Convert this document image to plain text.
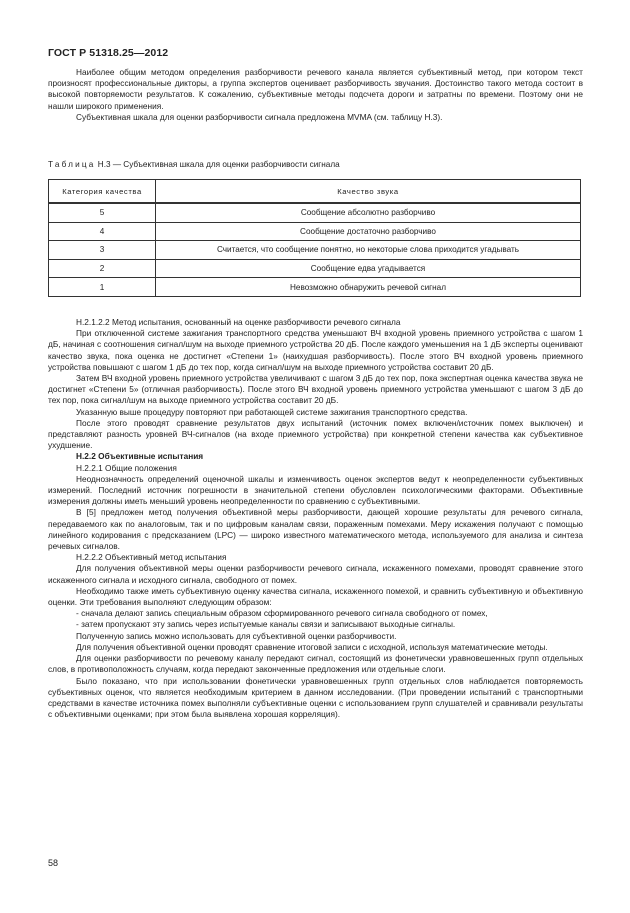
ГОСТ Р 51318.25—2012

Наиболее общим методом определения разборчивости речевого канала является субъективный метод, при котором текст произносят профессиональные дикторы, а группа экспертов оценивает разборчивость звучания. Достоинство такого метода состоит в высокой повторяемости результатов. К сожалению, субъективные методы подсчета дороги и затратны по времени. Поэтому они не нашли широкого применения.

Субъективная шкала для оценки разборчивости сигнала предложена MVMA (см. таблицу Н.3).

Таблица Н.3 — Субъективная шкала для оценки разборчивости сигнала
Категория качества	Качество звука
5	Сообщение абсолютно разборчиво
4	Сообщение достаточно разборчиво
3	Считается, что сообщение понятно, но некоторые слова приходится угадывать
2	Сообщение едва угадывается
1	Невозможно обнаружить речевой сигнал

Н.2.1.2.2 Метод испытания, основанный на оценке разборчивости речевого сигнала

При отключенной системе зажигания транспортного средства уменьшают ВЧ входной уровень приемного устройства с шагом 1 дБ, начиная с соотношения сигнал/шум на выходе приемного устройства 20 дБ. После каждого уменьшения на 1 дБ эксперты оценивают качество звука, пока оценка не достигнет «Степени 1» (наихудшая разборчивость). После этого ВЧ входной уровень приемного устройства повышают с шагом 1 дБ до тех пор, когда сигнал/шум на выходе приемного устройства составит 20 дБ.

Затем ВЧ входной уровень приемного устройства увеличивают с шагом 3 дБ до тех пор, пока экспертная оценка качества звука не достигнет «Степени 5» (отличная разборчивость). После этого ВЧ входной уровень приемного устройства уменьшают с шагом 3 дБ до тех пор, пока сигнал/шум на выходе приемного устройства составит 20 дБ.

Указанную выше процедуру повторяют при работающей системе зажигания транспортного средства.

После этого проводят сравнение результатов двух испытаний (источник помех включен/источник помех выключен) и представляют разность уровней ВЧ-сигналов (на входе приемного устройства) при конкретной степени качества как субъективное ухудшение.

Н.2.2 Объективные испытания

Н.2.2.1 Общие положения

Неоднозначность определений оценочной шкалы и изменчивость оценок экспертов ведут к неопределенности субъективных измерений. Последний источник погрешности в значительной степени обусловлен психологическими факторами. Объективные измерения должны иметь меньший уровень неопределенности по сравнению с субъективными.

В [5] предложен метод получения объективной меры разборчивости, дающей хорошие результаты для речевого сигнала, передаваемого как по аналоговым, так и по цифровым каналам связи, пораженным помехами. Меру искажения получают с помощью линейного кодирования с предсказанием (LPC) — широко известного математического метода, используемого для анализа и синтеза речевых сигналов.

Н.2.2.2 Объективный метод испытания

Для получения объективной меры оценки разборчивости речевого сигнала, искаженного помехами, проводят сравнение этого искаженного сигнала и исходного сигнала, свободного от помех.

Необходимо также иметь субъективную оценку качества сигнала, искаженного помехой, и сравнить субъективную и объективную оценки. Эти требования выполняют следующим образом:

- сначала делают запись специальным образом сформированного речевого сигнала свободного от помех,

- затем пропускают эту запись через испытуемые каналы связи и записывают выходные сигналы.

Полученную запись можно использовать для субъективной оценки разборчивости.

Для получения объективной оценки проводят сравнение итоговой записи с исходной, используя математические методы.

Для оценки разборчивости по речевому каналу передают сигнал, состоящий из фонетически уравновешенных групп отдельных слов, в противоположность случаям, когда передают законченные предложения или отдельные слоги.

Было показано, что при использовании фонетически уравновешенных групп отдельных слов наблюдается повторяемость субъективных оценок, что является необходимым критерием в данном исследовании. (При проведении испытаний с транспортными средствами в качестве источника помех выполняли субъективные оценки с использованием групп слушателей и сравнивали результаты с объективными оценками; при этом была выявлена хорошая корреляция).

58
